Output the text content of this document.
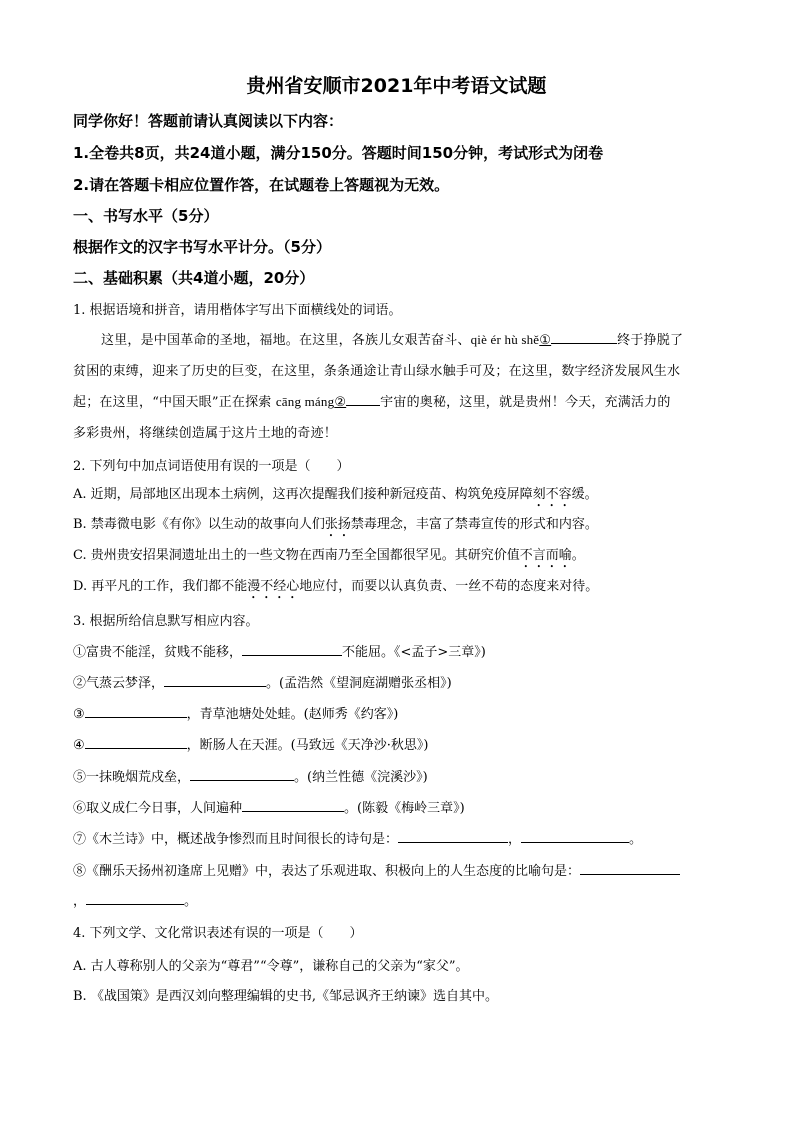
贵州省安顺市2021年中考语文试题
同学你好！答题前请认真阅读以下内容：
1.全卷共8页，共24道小题，满分150分。答题时间150分钟，考试形式为闭卷
2.请在答题卡相应位置作答，在试题卷上答题视为无效。
一、书写水平（5分）
根据作文的汉字书写水平计分。（5分）
二、基础积累（共4道小题，20分）
1. 根据语境和拼音，请用楷体字写出下面横线处的词语。
这里，是中国革命的圣地，福地。在这里，各族儿女艰苦奋斗、qiè ér hù shě①	终于挣脱了
贫困的束缚，迎来了历史的巨变，在这里，条条通途让青山绿水触手可及；在这里，数字经济发展风生水
起；在这里，“中国天眼”正在探索 cāng máng②	宇宙的奥秘，这里，就是贵州！今天，充满活力的
多彩贵州，将继续创造属于这片土地的奇迹！
2. 下列句中加点词语使用有误的一项是（　　）
A. 近期，局部地区出现本土病例，这再次提醒我们接种新冠疫苗、构筑免疫屏障刻不容缓。
B. 禁毒微电影《有你》以生动的故事向人们张扬禁毒理念，丰富了禁毒宣传的形式和内容。
C. 贵州贵安招果洞遗址出土的一些文物在西南乃至全国都很罕见。其研究价值不言而喻。
D. 再平凡的工作，我们都不能漫不经心地应付，而要以认真负责、一丝不苟的态度来对待。
3. 根据所给信息默写相应内容。
①富贵不能淫，贫贱不能移，	不能屈。《<孟子>三章》)
②气蒸云梦泽，	。(孟浩然《望洞庭湖赠张丞相》)
③	，青草池塘处处蛙。(赵师秀《约客》)
④	，断肠人在天涯。(马致远《天净沙·秋思》)
⑤一抹晚烟荒戍垒，	。(纳兰性德《浣溪沙》)
⑥取义成仁今日事，人间遍种	。(陈毅《梅岭三章》)
⑦《木兰诗》中，概述战争惨烈而且时间很长的诗句是：	，	。
⑧《酬乐天扬州初逢席上见赠》中，表达了乐观进取、积极向上的人生态度的比喻句是：
，	。
4. 下列文学、文化常识表述有误的一项是（　　）
A. 古人尊称别人的父亲为“尊君”“令尊”，谦称自己的父亲为“家父”。
B. 《战国策》是西汉刘向整理编辑的史书,《邹忌讽齐王纳谏》选自其中。
